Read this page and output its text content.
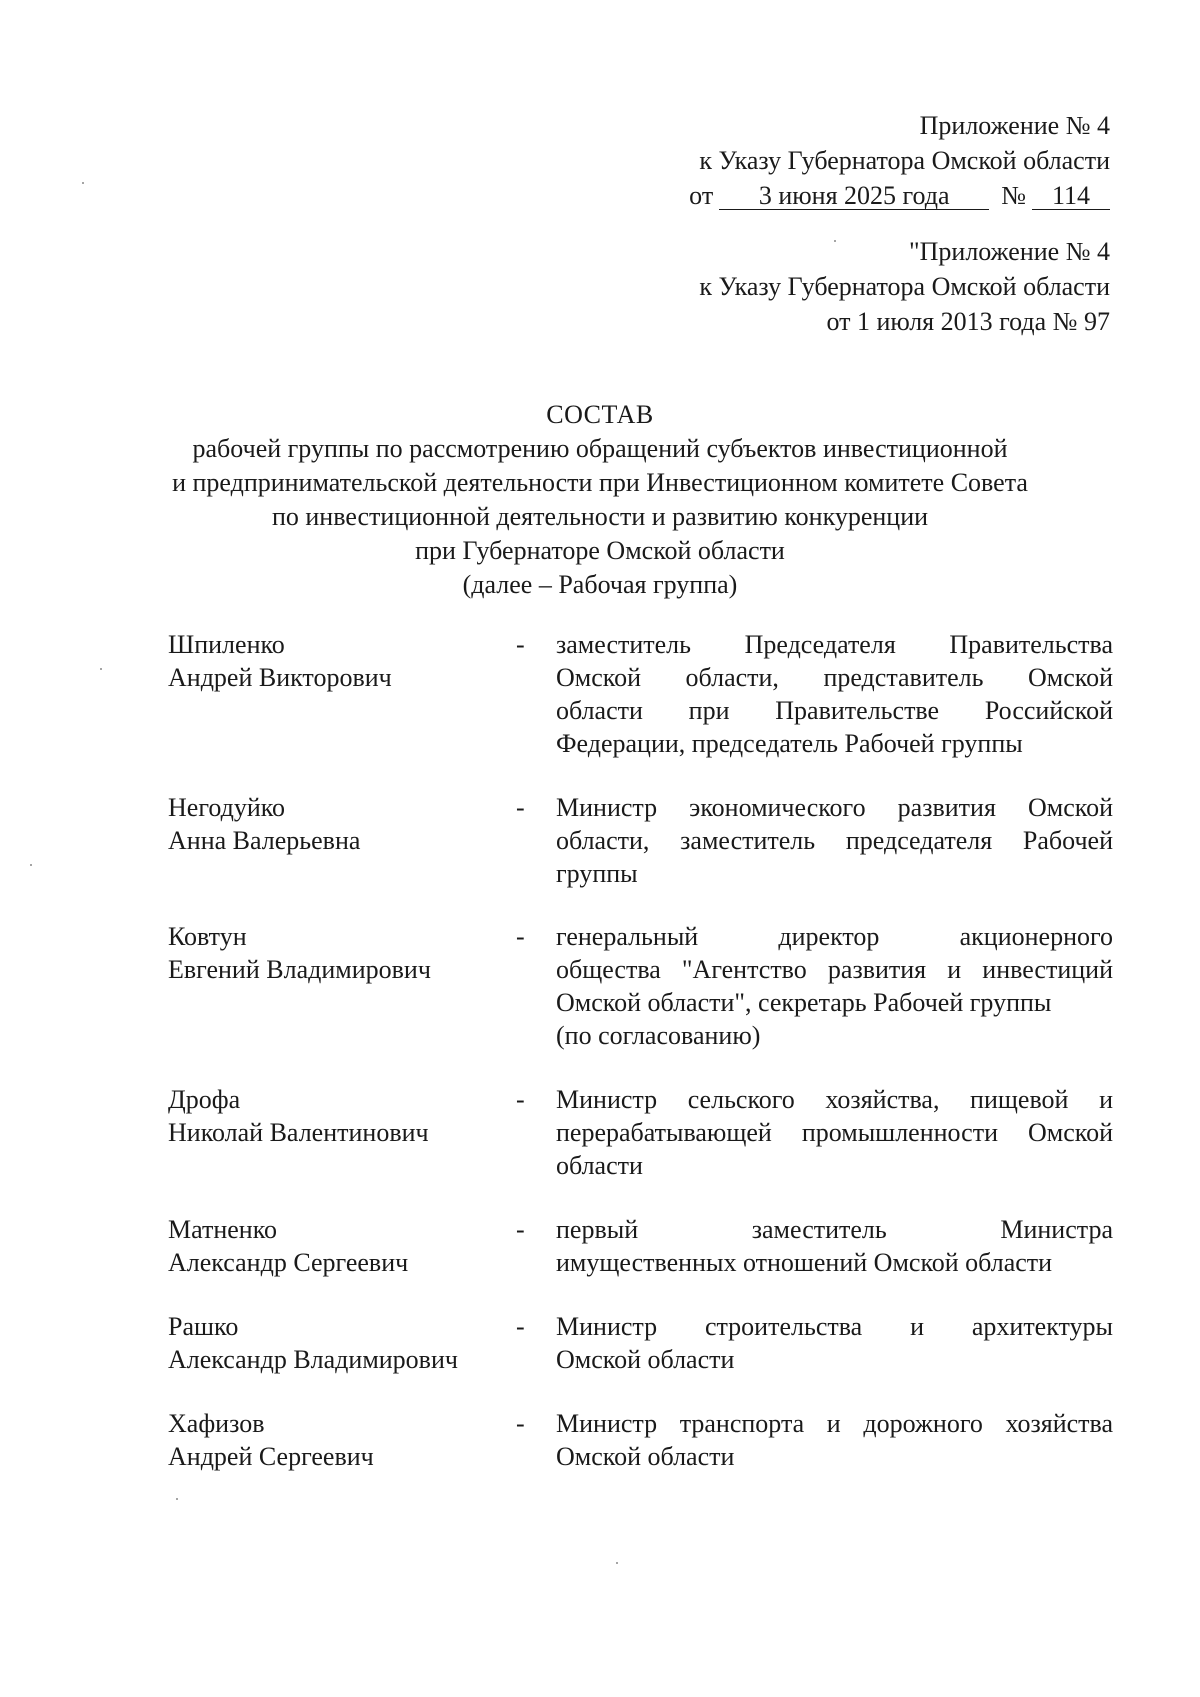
Приложение № 4
к Указу Губернатора Омской области
от 3 июня 2025 года № 114
"Приложение № 4
к Указу Губернатора Омской области
от 1 июля 2013 года № 97
СОСТАВ
рабочей группы по рассмотрению обращений субъектов инвестиционной
и предпринимательской деятельности при Инвестиционном комитете Совета
по инвестиционной деятельности и развитию конкуренции
при Губернаторе Омской области
(далее – Рабочая группа)
Шпиленко
Андрей Викторович
- заместитель Председателя Правительства
Омской области, представитель Омской
области при Правительстве Российской
Федерации, председатель Рабочей группы
Негодуйко
Анна Валерьевна
- Министр экономического развития Омской
области, заместитель председателя Рабочей
группы
Ковтун
Евгений Владимирович
- генеральный директор акционерного
общества "Агентство развития и инвестиций
Омской области", секретарь Рабочей группы
(по согласованию)
Дрофа
Николай Валентинович
- Министр сельского хозяйства, пищевой и
перерабатывающей промышленности Омской
области
Матненко
Александр Сергеевич
- первый заместитель Министра
имущественных отношений Омской области
Рашко
Александр Владимирович
- Министр строительства и архитектуры
Омской области
Хафизов
Андрей Сергеевич
- Министр транспорта и дорожного хозяйства
Омской области
